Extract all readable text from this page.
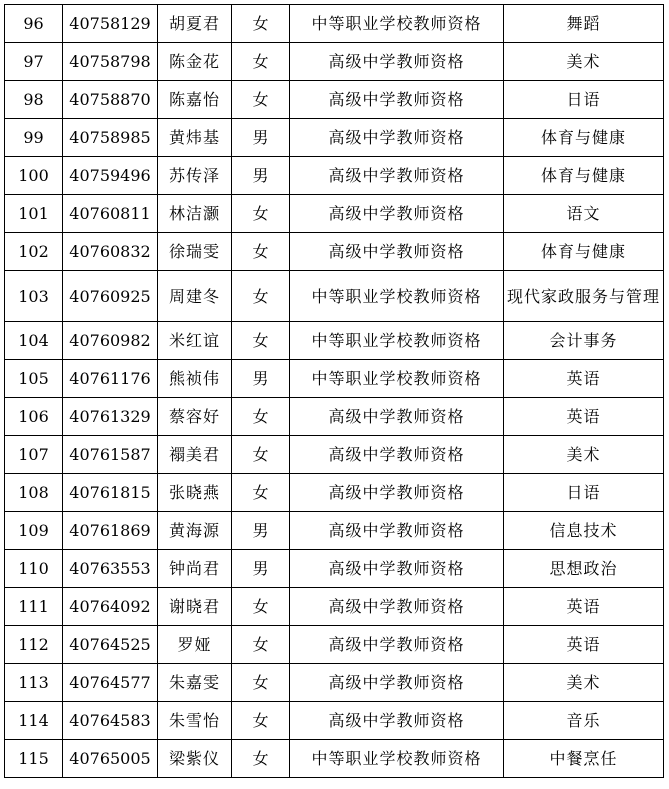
96	40758129	胡夏君	女	中等职业学校教师资格	舞蹈
97	40758798	陈金花	女	高级中学教师资格	美术
98	40758870	陈嘉怡	女	高级中学教师资格	日语
99	40758985	黄炜基	男	高级中学教师资格	体育与健康
100	40759496	苏传泽	男	高级中学教师资格	体育与健康
101	40760811	林洁灏	女	高级中学教师资格	语文
102	40760832	徐瑞雯	女	高级中学教师资格	体育与健康
103	40760925	周建冬	女	中等职业学校教师资格	现代家政服务与管理
104	40760982	米红谊	女	中等职业学校教师资格	会计事务
105	40761176	熊祯伟	男	中等职业学校教师资格	英语
106	40761329	蔡容好	女	高级中学教师资格	英语
107	40761587	禤美君	女	高级中学教师资格	美术
108	40761815	张晓燕	女	高级中学教师资格	日语
109	40761869	黄海源	男	高级中学教师资格	信息技术
110	40763553	钟尚君	男	高级中学教师资格	思想政治
111	40764092	谢晓君	女	高级中学教师资格	英语
112	40764525	罗娅	女	高级中学教师资格	英语
113	40764577	朱嘉雯	女	高级中学教师资格	美术
114	40764583	朱雪怡	女	高级中学教师资格	音乐
115	40765005	梁紫仪	女	中等职业学校教师资格	中餐烹任
